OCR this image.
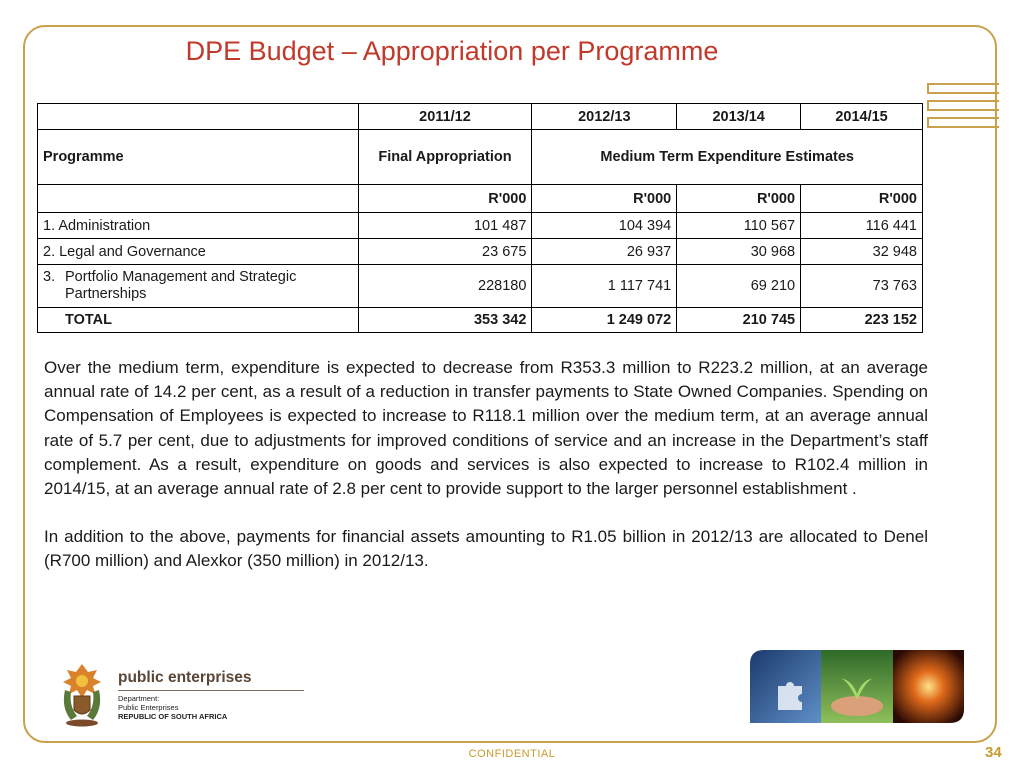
DPE Budget – Appropriation per Programme
	2011/12	2012/13	2013/14	2014/15
Programme	Final Appropriation	Medium Term Expenditure Estimates		
	R'000	R'000	R'000	R'000
1. Administration	101 487	104 394	110 567	116 441
2. Legal and Governance	23 675	26 937	30 968	32 948

3. Portfolio Management and Strategic Partnerships	228180	1 117 741	69 210	73 763
TOTAL	353 342	1 249 072	210 745	223 152

Over the medium term, expenditure is expected to decrease from R353.3 million to R223.2 million, at an average annual rate of 14.2 per cent, as a result of a reduction in transfer payments to State Owned Companies. Spending on Compensation of Employees is expected to increase to R118.1 million over the medium term, at an average annual rate of 5.7 per cent, due to adjustments for improved conditions of service and an increase in the Department’s staff complement. As a result, expenditure on goods and services is also expected to increase to R102.4 million in 2014/15, at an average annual rate of 2.8 per cent to provide support to the larger personnel establishment .

In addition to the above, payments for financial assets amounting to R1.05 billion in 2012/13 are allocated to Denel (R700 million) and Alexkor (350 million) in 2012/13.

public enterprises
Department:
Public Enterprises
REPUBLIC OF SOUTH AFRICA
CONFIDENTIAL	34
